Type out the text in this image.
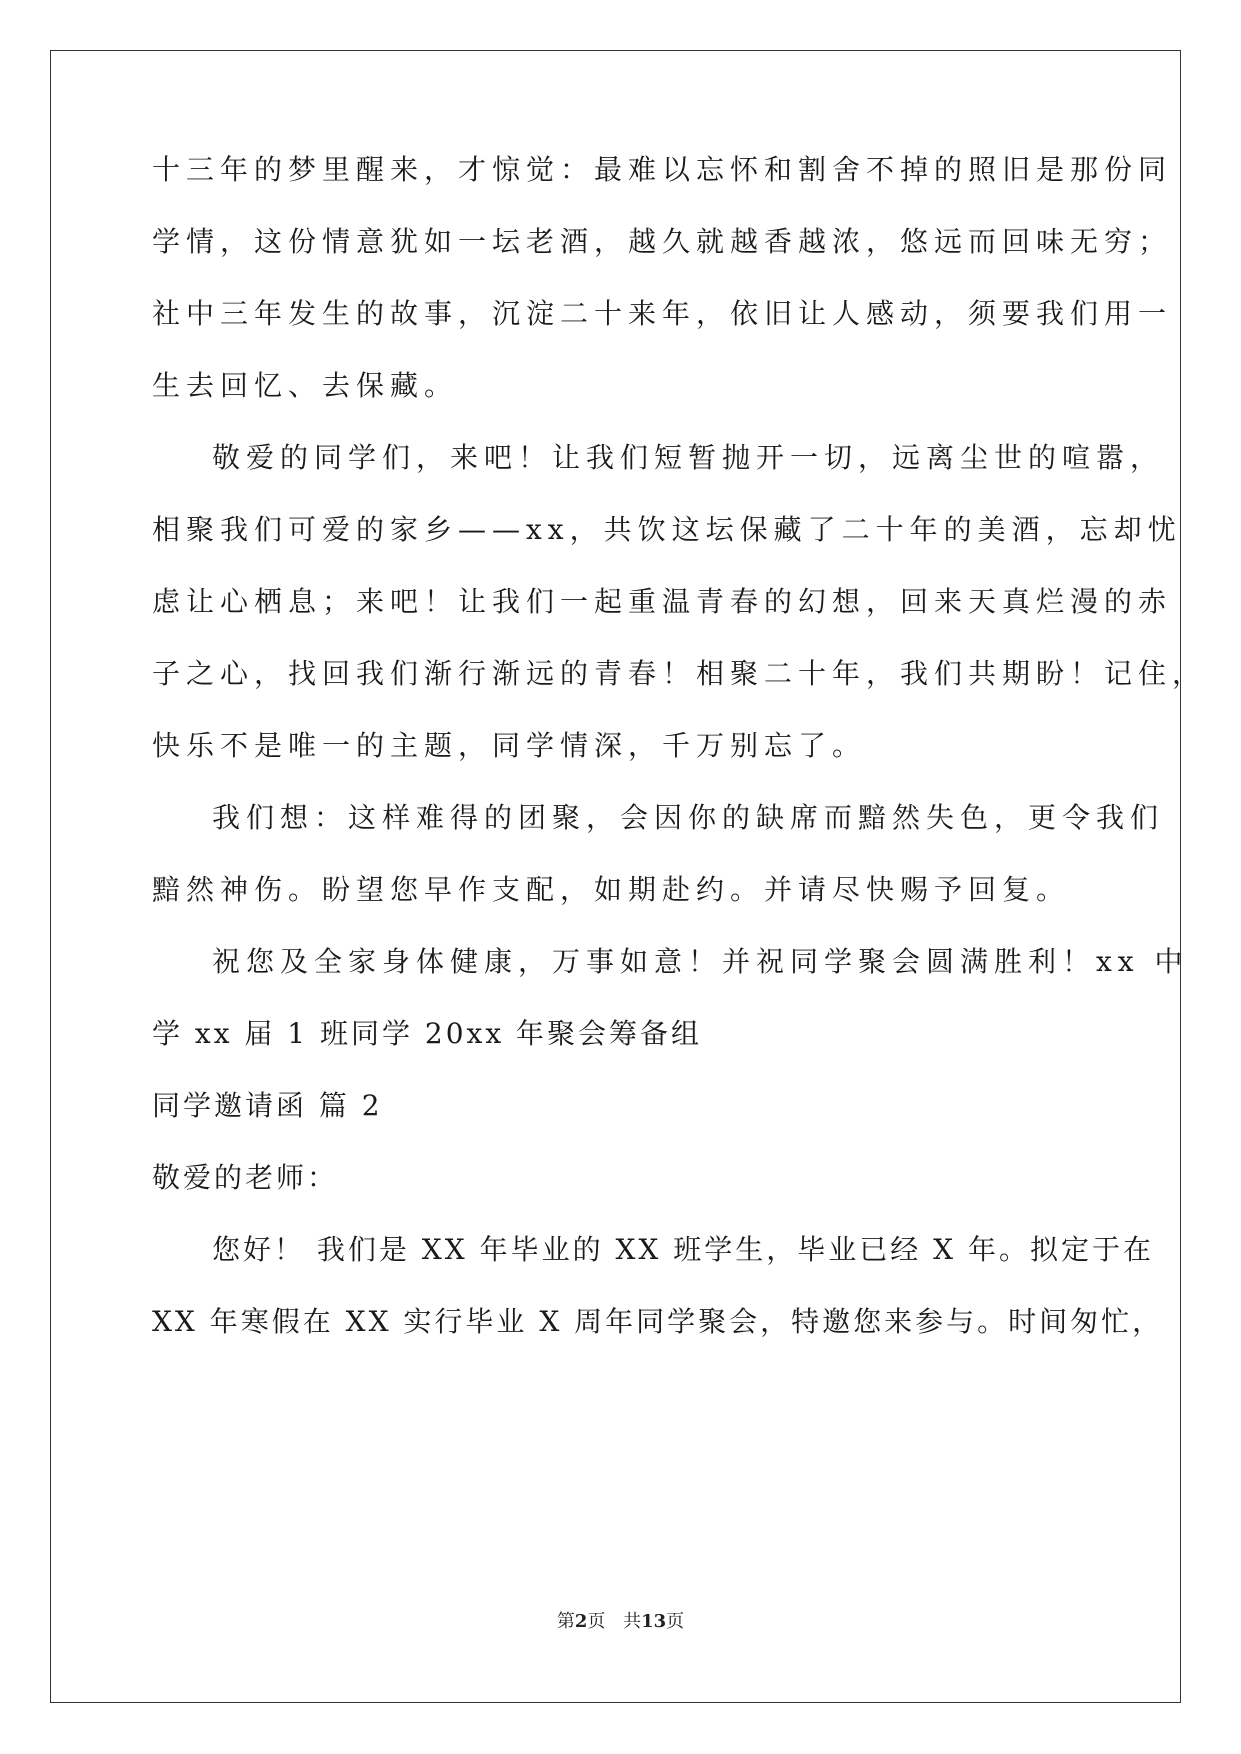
十三年的梦里醒来，才惊觉：最难以忘怀和割舍不掉的照旧是那份同
学情，这份情意犹如一坛老酒，越久就越香越浓，悠远而回味无穷；
社中三年发生的故事，沉淀二十来年，依旧让人感动，须要我们用一
生去回忆、去保藏。
敬爱的同学们，来吧！让我们短暂抛开一切，远离尘世的喧嚣，
相聚我们可爱的家乡——xx，共饮这坛保藏了二十年的美酒，忘却忧
虑让心栖息；来吧！让我们一起重温青春的幻想，回来天真烂漫的赤
子之心，找回我们渐行渐远的青春！相聚二十年，我们共期盼！记住，
快乐不是唯一的主题，同学情深，千万别忘了。
我们想：这样难得的团聚，会因你的缺席而黯然失色，更令我们
黯然神伤。盼望您早作支配，如期赴约。并请尽快赐予回复。
祝您及全家身体健康，万事如意！并祝同学聚会圆满胜利！xx 中
学 xx 届 1 班同学 20xx 年聚会筹备组
同学邀请函 篇 2
敬爱的老师：
您好！ 我们是 XX 年毕业的 XX 班学生，毕业已经 X 年。拟定于在
XX 年寒假在 XX 实行毕业 X 周年同学聚会，特邀您来参与。时间匆忙，
第2页 共13页
